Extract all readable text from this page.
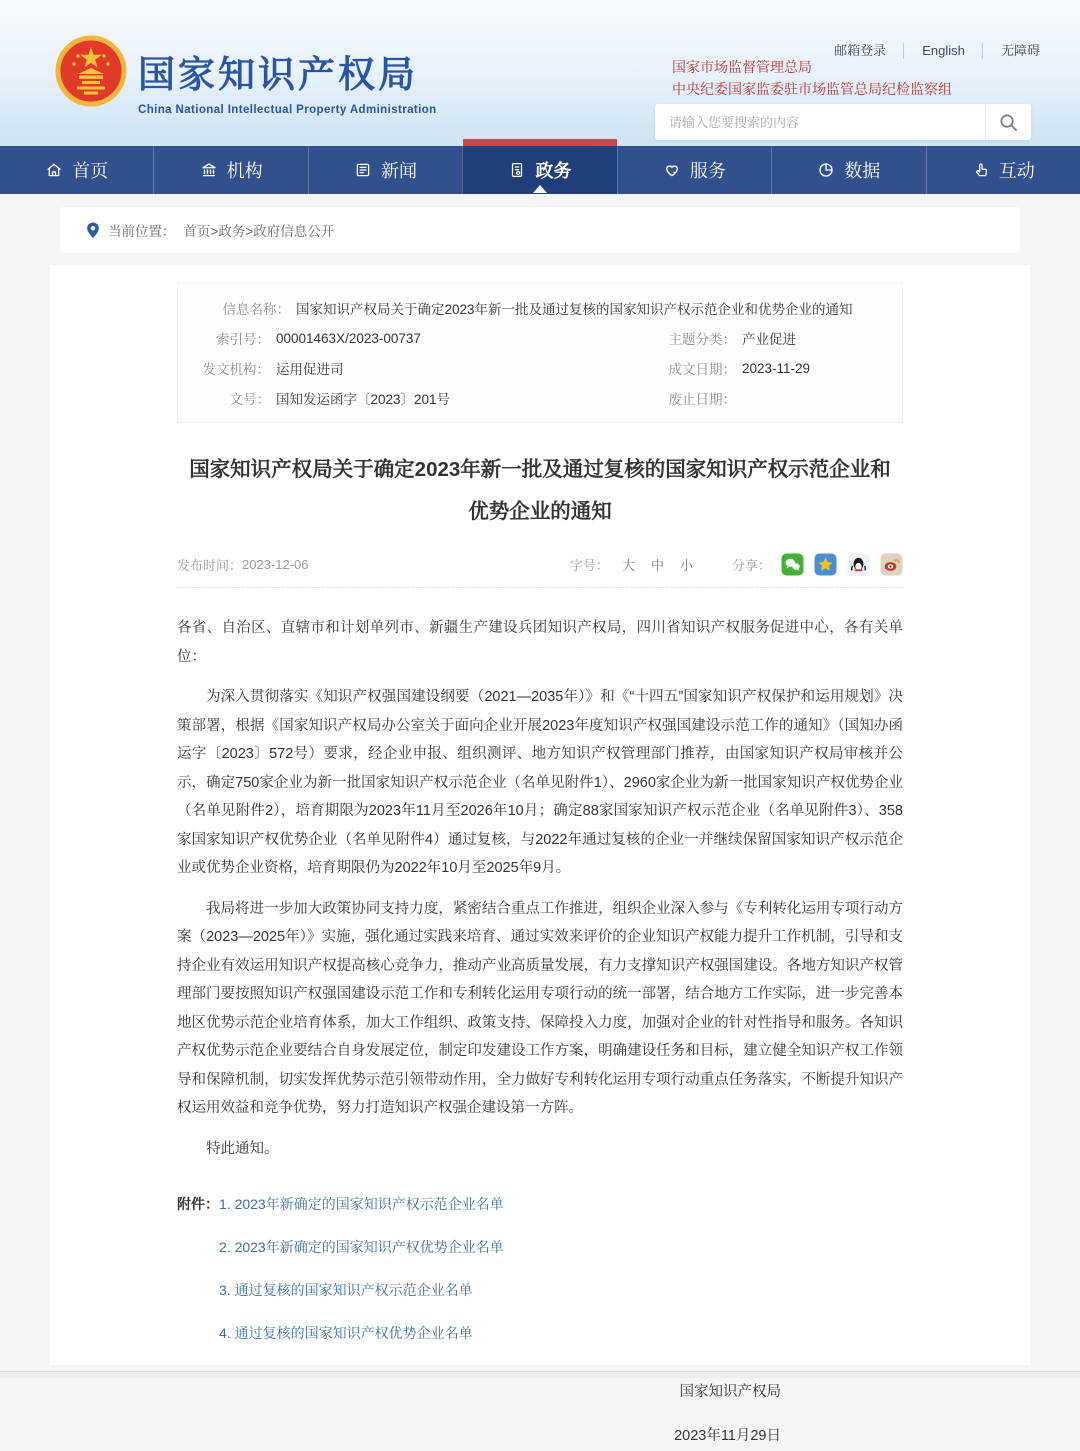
国家知识产权局
China National Intellectual Property Administration
邮箱登录 │ English │ 无障碍
国家市场监督管理总局
中央纪委国家监委驻市场监管总局纪检监察组
请输入您要搜索的内容
首页	机构	新闻	政务	服务	数据	互动
当前位置： 首页>政务>政府信息公开
信息名称： 国家知识产权局关于确定2023年新一批及通过复核的国家知识产权示范企业和优势企业的通知
索引号： 00001463X/2023-00737	主题分类： 产业促进
发文机构： 运用促进司	成文日期： 2023-11-29
文号： 国知发运函字〔2023〕201号	废止日期：
国家知识产权局关于确定2023年新一批及通过复核的国家知识产权示范企业和优势企业的通知
发布时间： 2023-12-06	字号： 大 中 小	分享：

各省、自治区、直辖市和计划单列市、新疆生产建设兵团知识产权局，四川省知识产权服务促进中心，各有关单位：

为深入贯彻落实《知识产权强国建设纲要（2021—2035年）》和《“十四五”国家知识产权保护和运用规划》决策部署，根据《国家知识产权局办公室关于面向企业开展2023年度知识产权强国建设示范工作的通知》（国知办函运字〔2023〕572号）要求，经企业申报、组织测评、地方知识产权管理部门推荐，由国家知识产权局审核并公示，确定750家企业为新一批国家知识产权示范企业（名单见附件1）、2960家企业为新一批国家知识产权优势企业（名单见附件2），培育期限为2023年11月至2026年10月；确定88家国家知识产权示范企业（名单见附件3）、358家国家知识产权优势企业（名单见附件4）通过复核，与2022年通过复核的企业一并继续保留国家知识产权示范企业或优势企业资格，培育期限仍为2022年10月至2025年9月。

我局将进一步加大政策协同支持力度，紧密结合重点工作推进，组织企业深入参与《专利转化运用专项行动方案（2023—2025年）》实施，强化通过实践来培育、通过实效来评价的企业知识产权能力提升工作机制，引导和支持企业有效运用知识产权提高核心竞争力，推动产业高质量发展，有力支撑知识产权强国建设。各地方知识产权管理部门要按照知识产权强国建设示范工作和专利转化运用专项行动的统一部署，结合地方工作实际，进一步完善本地区优势示范企业培育体系，加大工作组织、政策支持、保障投入力度，加强对企业的针对性指导和服务。各知识产权优势示范企业要结合自身发展定位，制定印发建设工作方案，明确建设任务和目标，建立健全知识产权工作领导和保障机制，切实发挥优势示范引领带动作用，全力做好专利转化运用专项行动重点任务落实，不断提升知识产权运用效益和竞争优势，努力打造知识产权强企建设第一方阵。

特此通知。

附件： 1. 2023年新确定的国家知识产权示范企业名单
2. 2023年新确定的国家知识产权优势企业名单
3. 通过复核的国家知识产权示范企业名单
4. 通过复核的国家知识产权优势企业名单
国家知识产权局
2023年11月29日
